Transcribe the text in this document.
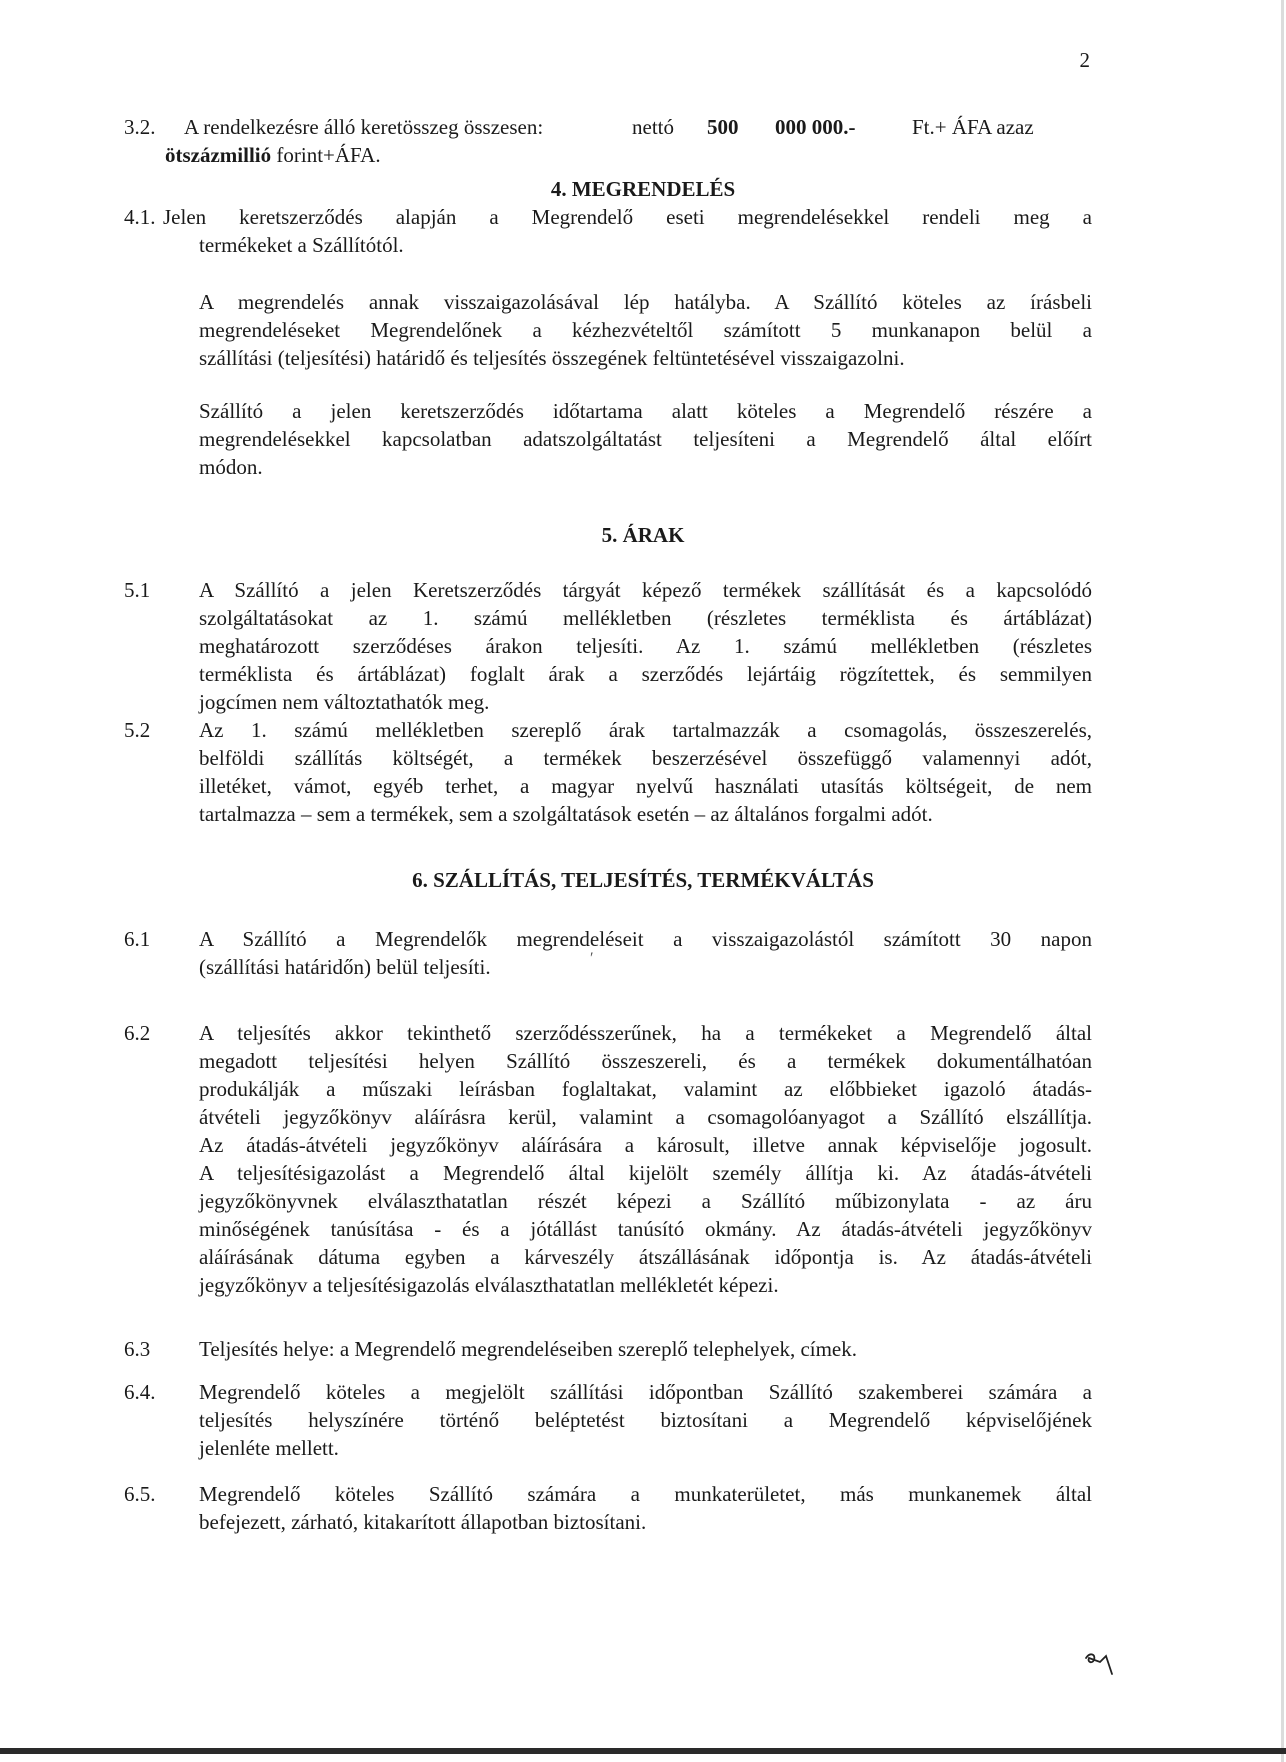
2
3.2. A rendelkezésre álló keretösszeg összesen:	nettó 500 000 000.-	Ft.+ ÁFA azaz
ötszázmillió forint+ÁFA.
4. MEGRENDELÉS
4.1. Jelen keretszerződés alapján a Megrendelő eseti megrendelésekkel rendeli meg a
termékeket a Szállítótól.
A megrendelés annak visszaigazolásával lép hatályba. A Szállító köteles az írásbeli
megrendeléseket Megrendelőnek a kézhezvételtől számított 5 munkanapon belül a
szállítási (teljesítési) határidő és teljesítés összegének feltüntetésével visszaigazolni.
Szállító a jelen keretszerződés időtartama alatt köteles a Megrendelő részére a
megrendelésekkel kapcsolatban adatszolgáltatást teljesíteni a Megrendelő által előírt
módon.
5. ÁRAK
5.1 A Szállító a jelen Keretszerződés tárgyát képező termékek szállítását és a kapcsolódó
szolgáltatásokat az 1. számú mellékletben (részletes terméklista és ártáblázat)
meghatározott szerződéses árakon teljesíti. Az 1. számú mellékletben (részletes
terméklista és ártáblázat) foglalt árak a szerződés lejártáig rögzítettek, és semmilyen
jogcímen nem változtathatók meg.
5.2 Az 1. számú mellékletben szereplő árak tartalmazzák a csomagolás, összeszerelés,
belföldi szállítás költségét, a termékek beszerzésével összefüggő valamennyi adót,
illetéket, vámot, egyéb terhet, a magyar nyelvű használati utasítás költségeit, de nem
tartalmazza – sem a termékek, sem a szolgáltatások esetén – az általános forgalmi adót.
6. SZÁLLÍTÁS, TELJESÍTÉS, TERMÉKVÁLTÁS
6.1 A Szállító a Megrendelők megrendeléseit a visszaigazolástól számított 30 napon
(szállítási határidőn) belül teljesíti.	′
6.2 A teljesítés akkor tekinthető szerződésszerűnek, ha a termékeket a Megrendelő által
megadott teljesítési helyen Szállító összeszereli, és a termékek dokumentálhatóan
produkálják a műszaki leírásban foglaltakat, valamint az előbbieket igazoló átadás-
átvételi jegyzőkönyv aláírásra kerül, valamint a csomagolóanyagot a Szállító elszállítja.
Az átadás-átvételi jegyzőkönyv aláírására a károsult, illetve annak képviselője jogosult.
A teljesítésigazolást a Megrendelő által kijelölt személy állítja ki. Az átadás-átvételi
jegyzőkönyvnek elválaszthatatlan részét képezi a Szállító műbizonylata - az áru
minőségének tanúsítása - és a jótállást tanúsító okmány. Az átadás-átvételi jegyzőkönyv
aláírásának dátuma egyben a kárveszély átszállásának időpontja is. Az átadás-átvételi
jegyzőkönyv a teljesítésigazolás elválaszthatatlan mellékletét képezi.
6.3 Teljesítés helye: a Megrendelő megrendeléseiben szereplő telephelyek, címek.
6.4. Megrendelő köteles a megjelölt szállítási időpontban Szállító szakemberei számára a
teljesítés helyszínére történő beléptetést biztosítani a Megrendelő képviselőjének
jelenléte mellett.
6.5. Megrendelő köteles Szállító számára a munkaterületet, más munkanemek által
befejezett, zárható, kitakarított állapotban biztosítani.
